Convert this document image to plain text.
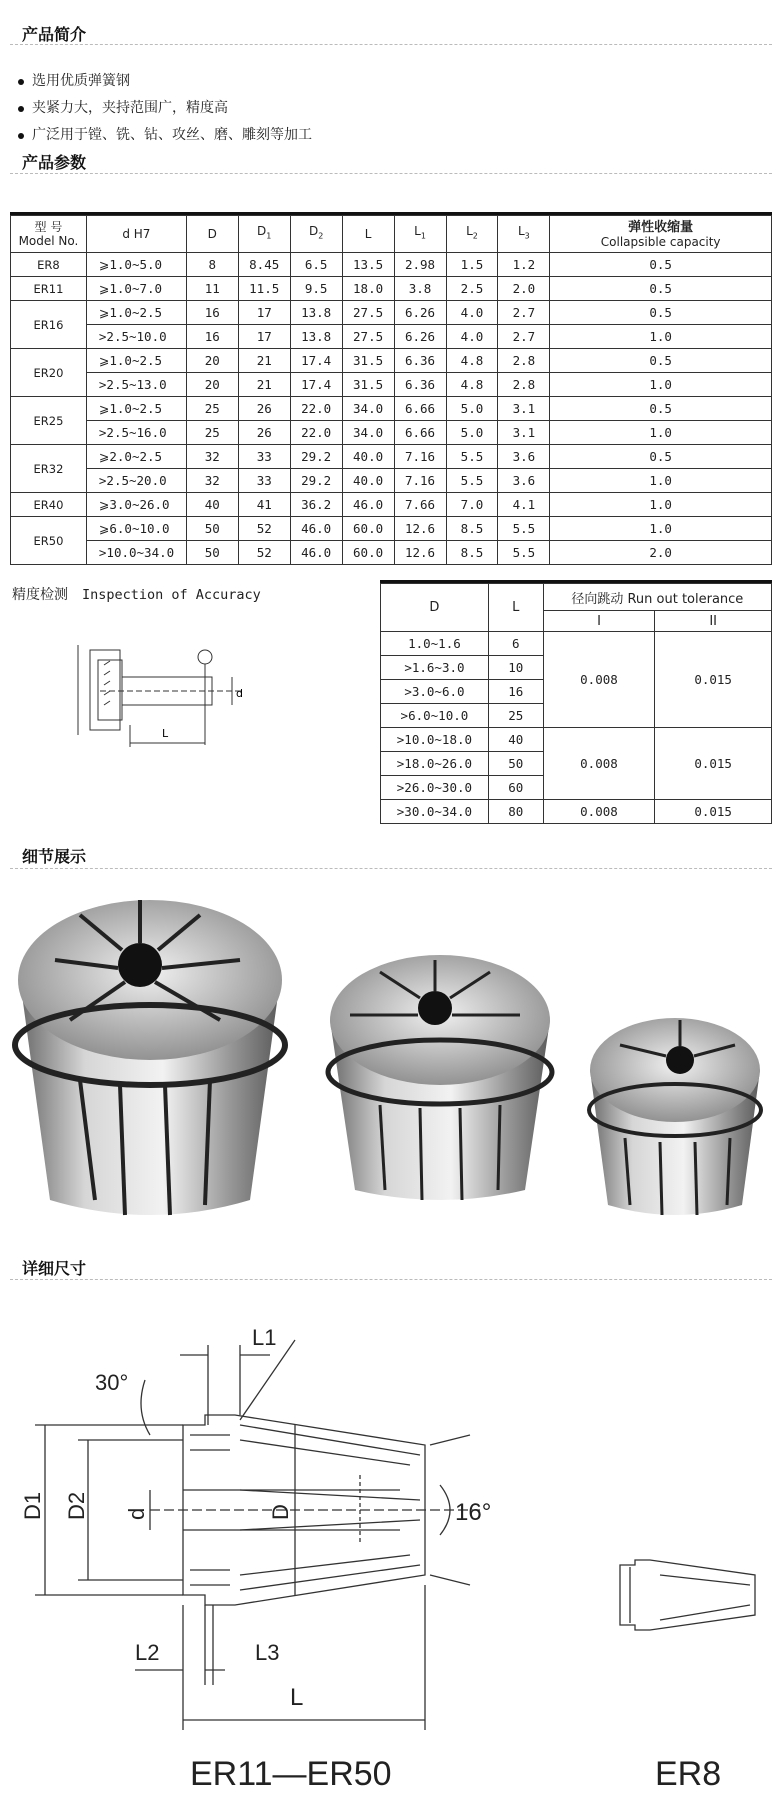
产品简介
选用优质弹簧钢
夹紧力大，夹持范围广，精度高
广泛用于镗、铣、钻、攻丝、磨、雕刻等加工
产品参数
型 号
Model No.	d H7	D	$D_1$	$D_2$	L	$L_1$	$L_2$	$L_3$	弹性收缩量
Collapsible capacity
ER8	⩾1.0~5.0	8	8.45	6.5	13.5	2.98	1.5	1.2	0.5
ER11	⩾1.0~7.0	11	11.5	9.5	18.0	3.8	2.5	2.0	0.5
ER16	⩾1.0~2.5	16	17	13.8	27.5	6.26	4.0	2.7	0.5
	>2.5~10.0	16	17	13.8	27.5	6.26	4.0	2.7	1.0
ER20	⩾1.0~2.5	20	21	17.4	31.5	6.36	4.8	2.8	0.5
	>2.5~13.0	20	21	17.4	31.5	6.36	4.8	2.8	1.0
ER25	⩾1.0~2.5	25	26	22.0	34.0	6.66	5.0	3.1	0.5
	>2.5~16.0	25	26	22.0	34.0	6.66	5.0	3.1	1.0
ER32	⩾2.0~2.5	32	33	29.2	40.0	7.16	5.5	3.6	0.5
	>2.5~20.0	32	33	29.2	40.0	7.16	5.5	3.6	1.0
ER40	⩾3.0~26.0	40	41	36.2	46.0	7.66	7.0	4.1	1.0
ER50	⩾6.0~10.0	50	52	46.0	60.0	12.6	8.5	5.5	1.0
	>10.0~34.0	50	52	46.0	60.0	12.6	8.5	5.5	2.0
精度检测 Inspection of Accuracy
L
d
D	L	径向跳动 Run out tolerance	
		I	II
1.0~1.6	6	0.008	0.015
>1.6~3.0	10		
>3.0~6.0	16		
>6.0~10.0	25		
>10.0~18.0	40	0.008	0.015
>18.0~26.0	50		
>26.0~30.0	60		
>30.0~34.0	80	0.008	0.015
细节展示
详细尺寸
L1
30°
D1 D2 d	D	16°
L2	L3
L
ER11—ER50	ER8
